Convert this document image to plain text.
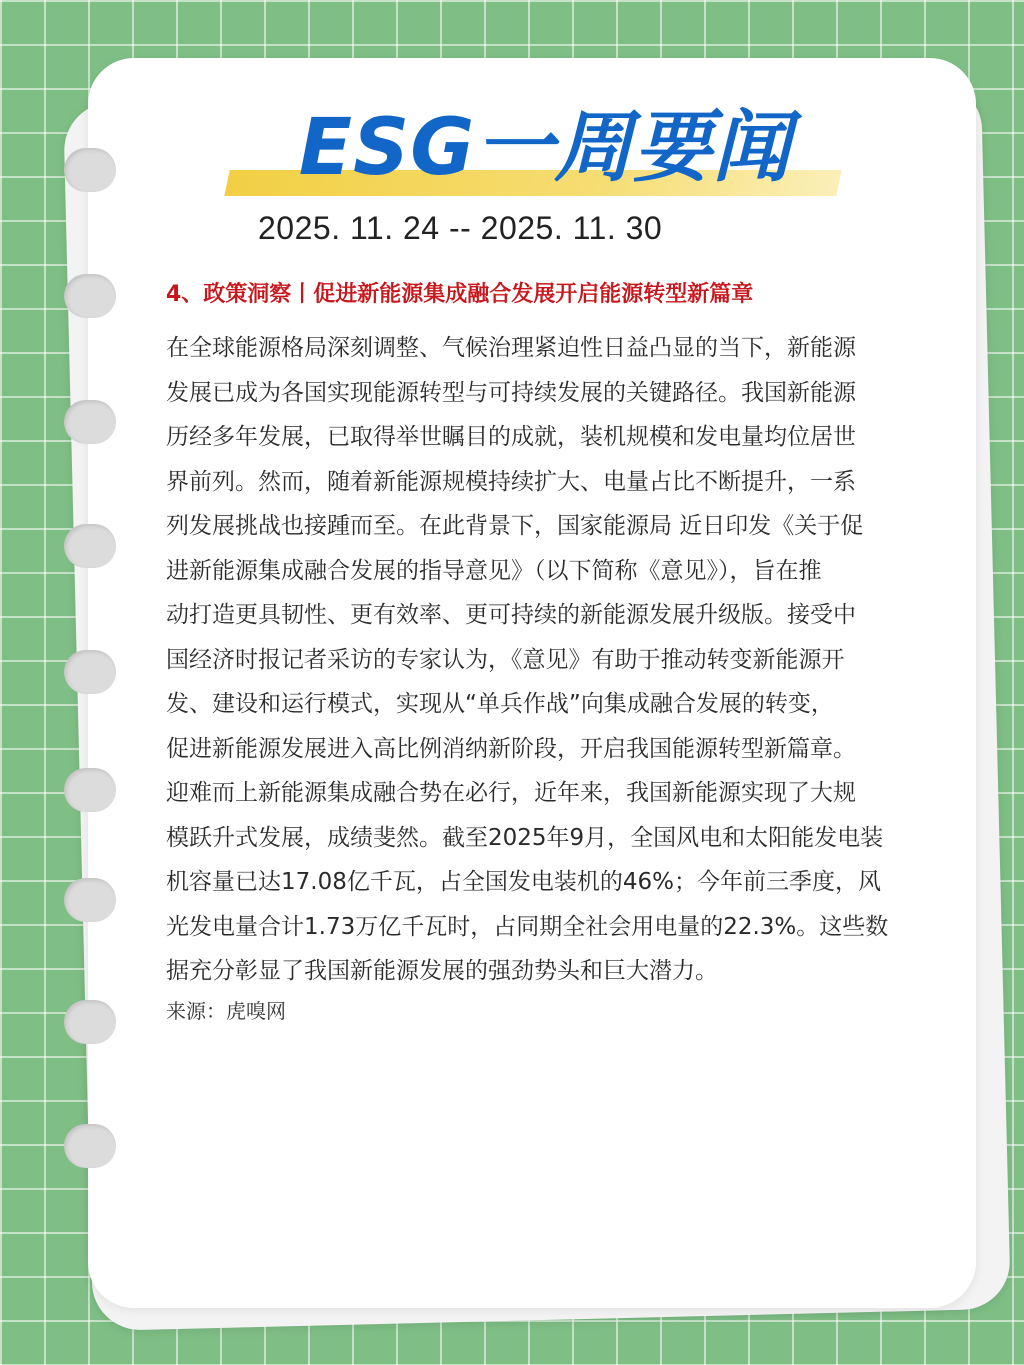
ESG一周要闻
2025. 11. 24 -- 2025. 11. 30
4、政策洞察丨促进新能源集成融合发展开启能源转型新篇章
在全球能源格局深刻调整、气候治理紧迫性日益凸显的当下，新能源
发展已成为各国实现能源转型与可持续发展的关键路径。我国新能源
历经多年发展，已取得举世瞩目的成就，装机规模和发电量均位居世
界前列。然而，随着新能源规模持续扩大、电量占比不断提升，一系
列发展挑战也接踵而至。在此背景下，国家能源局 近日印发《关于促
进新能源集成融合发展的指导意见》（以下简称《意见》），旨在推
动打造更具韧性、更有效率、更可持续的新能源发展升级版。接受中
国经济时报记者采访的专家认为，《意见》有助于推动转变新能源开
发、建设和运行模式，实现从“单兵作战”向集成融合发展的转变，
促进新能源发展进入高比例消纳新阶段，开启我国能源转型新篇章。
迎难而上新能源集成融合势在必行，近年来，我国新能源实现了大规
模跃升式发展，成绩斐然。截至2025年9月，全国风电和太阳能发电装
机容量已达17.08亿千瓦，占全国发电装机的46%；今年前三季度，风
光发电量合计1.73万亿千瓦时，占同期全社会用电量的22.3%。这些数
据充分彰显了我国新能源发展的强劲势头和巨大潜力。
来源：虎嗅网
